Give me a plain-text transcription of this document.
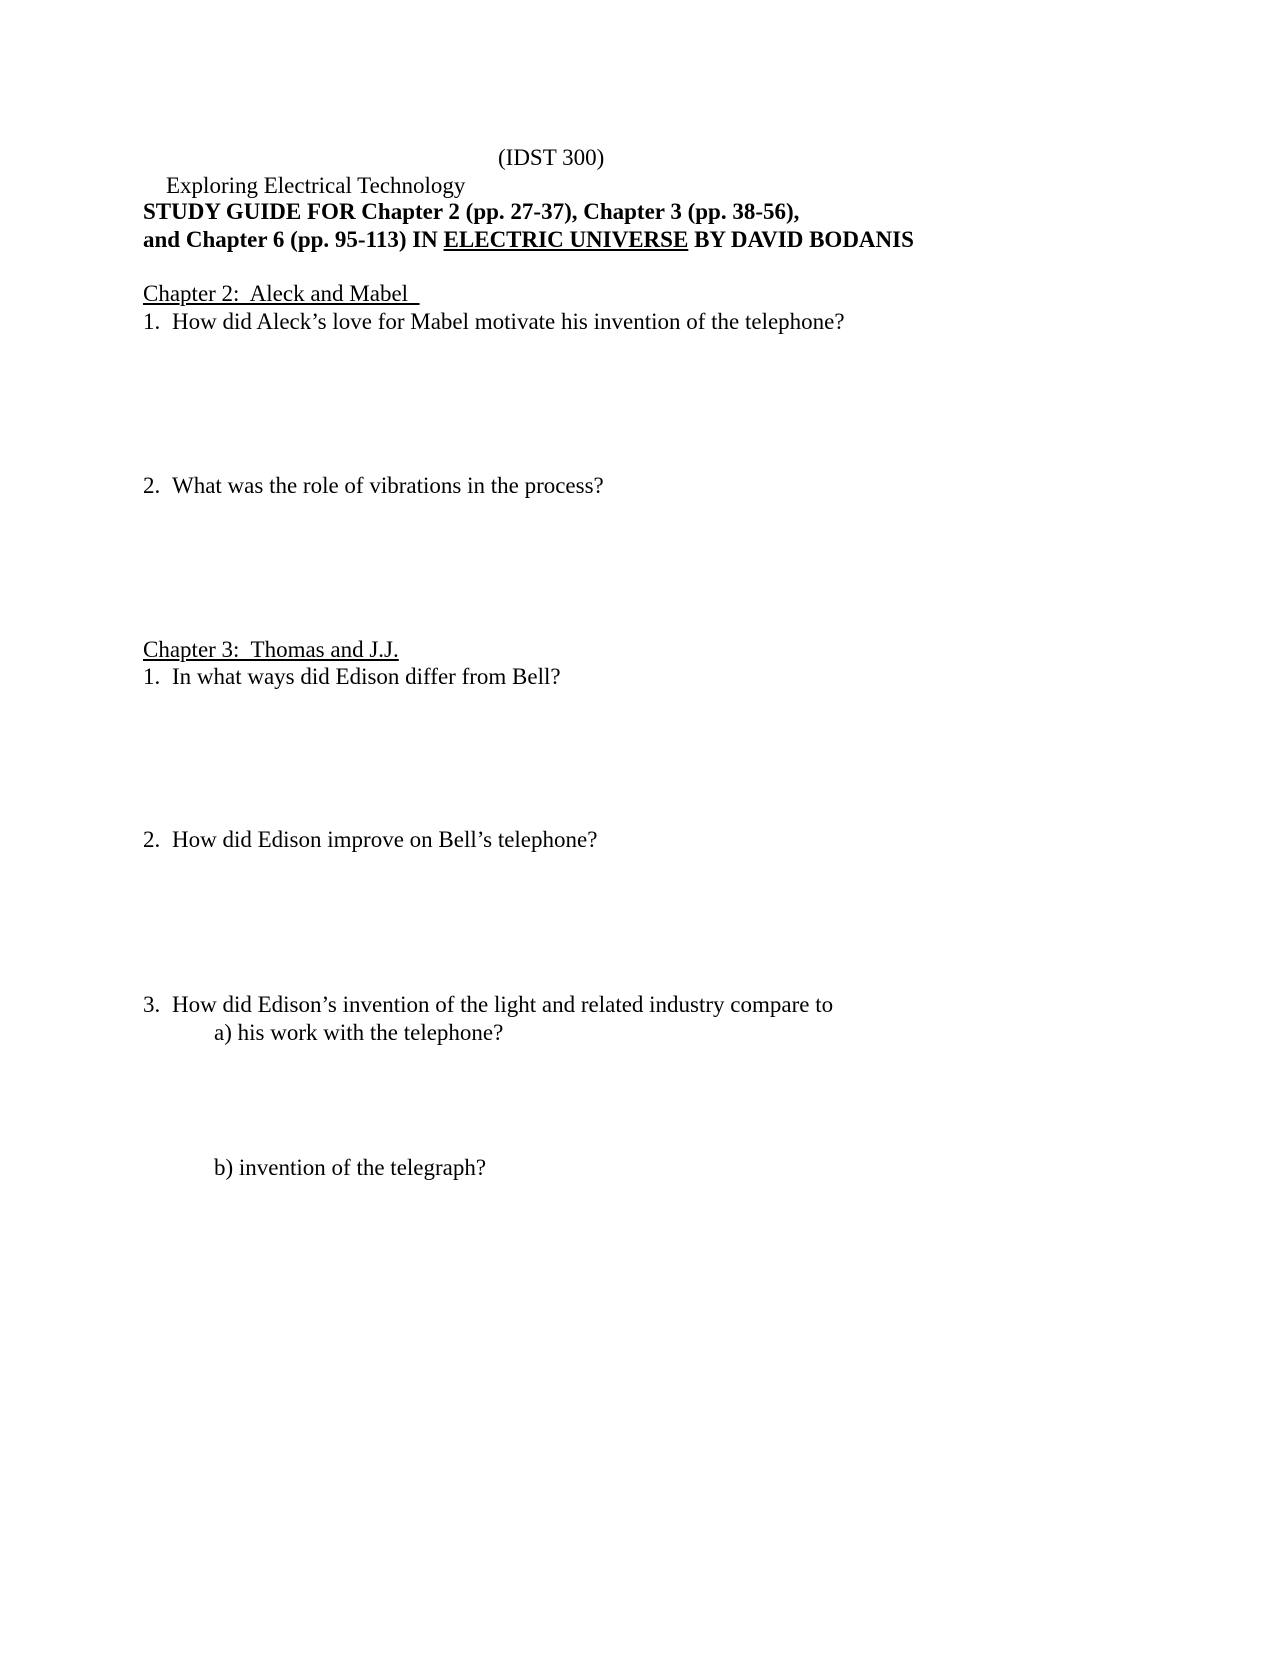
Exploring Electrical Technology

(IDST 300)
STUDY GUIDE FOR Chapter 2 (pp. 27-37), Chapter 3 (pp. 38-56),
and Chapter 6 (pp. 95-113) IN ELECTRIC UNIVERSE BY DAVID BODANIS
Chapter 2:  Aleck and Mabel
1. How did Aleck’s love for Mabel motivate his invention of the telephone?
2. What was the role of vibrations in the process?
Chapter 3:  Thomas and J.J.
1. In what ways did Edison differ from Bell?
2. How did Edison improve on Bell’s telephone?
3. How did Edison’s invention of the light and related industry compare to
a) his work with the telephone?
b) invention of the telegraph?
